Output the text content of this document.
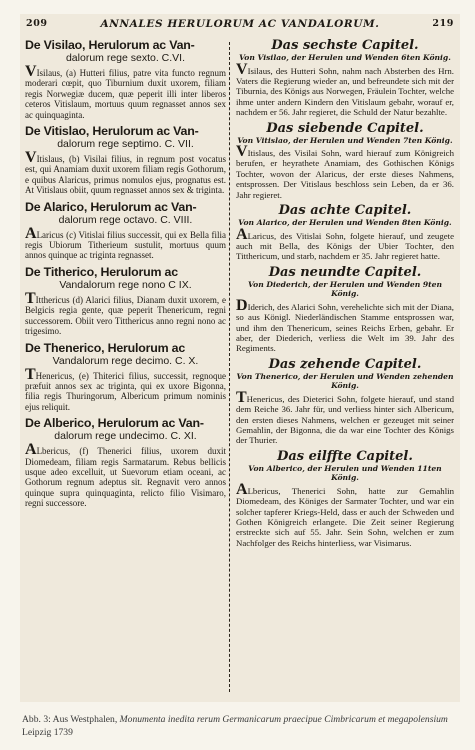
209	ANNALES HERULORUM AC VANDALORUM.	219
De Visilao, Herulorum ac Van-
dalorum rege sexto. C.VI.
VIsilaus, (a) Hutteri filius, patre vita functo regnum moderari cœpit, quo Tiburnium duxit uxorem, filiam regis Norwegiæ ducem, quæ peperit illi inter liberos ceteros Vitislaum, mortuus quum regnasset annos sex ac quinquaginta.
De Vitislao, Herulorum ac Van-
dalorum rege septimo. C. VII.
VItislaus, (b) Visilai filius, in regnum post vocatus est, qui Anamiam duxit uxorem filiam regis Gothorum, e quibus Alaricus, primus nomulos ejus, prognatus est. At Vitislaus obiit, quum regnasset annos sex & triginta.
De Alarico, Herulorum ac Van-
dalorum rege octavo. C. VIII.
ALaricus (c) Vitislai filius successit, qui ex Bella filia regis Ubiorum Titherieum sustulit, mortuus quum annos quinque ac triginta regnasset.
De Titherico, Herulorum ac
Vandalorum rege nono C IX.
TItthericus (d) Alarici filius, Dianam duxit uxorem, e Belgicis regia gente, quæ peperit Thenericum, regni successorem. Obiit vero Titthericus anno regni nono ac trigesimo.
De Thenerico, Herulorum ac
Vandalorum rege decimo. C. X.
THenericus, (e) Thiterici filius, successit, regnoque præfuit annos sex ac triginta, qui ex uxore Bigonna, filia regis Thuringorum, Albericum primum nominis ejus reliquit.
De Alberico, Herulorum ac Van-
dalorum rege undecimo. C. XI.
ALbericus, (f) Thenerici filius, uxorem duxit Diomedeam, filiam regis Sarmatarum. Rebus bellicis usque adeo excelluit, ut Suevorum etiam oceani, ac Gothorum regnum adeptus sit. Regnavit vero annos quinque supra quinquaginta, relicto filio Visimaro, regni successore.
Das sechste Capitel.
Von Visilao, der Herulen und Wenden 6ten König.
VIsilaus, des Hutteri Sohn, nahm nach Absterben des Hrn. Vaters die Regierung wieder an, und befreundete sich mit der Tiburnia, des Königs aus Norwegen, Fräulein Tochter, welche ihme unter andern Kindern den Vitislaum gebahr, worauf er, nachdem er 56. Jahr regieret, die Schuld der Natur bezahlte.
Das siebende Capitel.
Von Vitislao, der Herulen und Wenden 7ten König.
VItislaus, des Visilai Sohn, ward hierauf zum Königreich berufen, er heyrathete Anamiam, des Gothischen Königs Tochter, wovon der Alaricus, der erste dieses Nahmens, entsprossen. Der Vitislaus beschloss sein Leben, da er 36. Jahr regieret.
Das achte Capitel.
Von Alarico, der Herulen und Wenden 8ten König.
ALaricus, des Vitislai Sohn, folgete hierauf, und zeugete auch mit Bella, des Königs der Ubier Tochter, den Titthericum, und starb, nachdem er 35. Jahr regieret hatte.
Das neundte Capitel.
Von Diederich, der Herulen und Wenden 9ten König.
DIderich, des Alarici Sohn, verehelichte sich mit der Diana, so aus Königl. Niederländischen Stamme entsprossen war, und ihm den Thenericum, seines Reichs Erben, gebahr. Er aber, der Diederich, verliess die Welt im 39. Jahr des Regiments.
Das zehende Capitel.
Von Thenerico, der Herulen und Wenden zehenden König.
THenericus, des Dieterici Sohn, folgete hierauf, und stand dem Reiche 36. Jahr für, und verliess hinter sich Albericum, den ersten dieses Nahmens, welchen er gezeuget mit seiner Gemahlin, der Bigonna, die da war eine Tochter des Königs der Thurier.
Das eilffte Capitel.
Von Alberico, der Herulen und Wenden 11ten König.
ALbericus, Thenerici Sohn, hatte zur Gemahlin Diomedeam, des Königes der Sarmater Tochter, und war ein solcher tapferer Kriegs-Held, dass er auch der Schweden und Gothen Königreich erlangete. Die Zeit seiner Regierung erstreckte sich auf 55. Jahr. Sein Sohn, welchen er zum Nachfolger des Reichs hinterliess, war Visimarus.
Abb. 3: Aus Westphalen, Monumenta inedita rerum Germanicarum praecipue Cimbricarum et megapolensium Leipzig 1739
